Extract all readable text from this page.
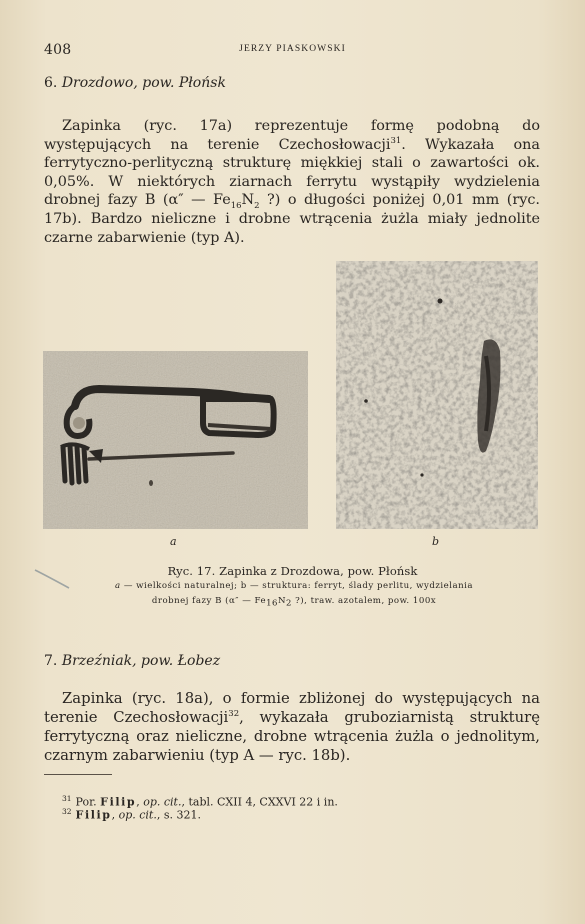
408	JERZY PIASKOWSKI
6. Drozdowo, pow. Płońsk

Zapinka (ryc. 17a) reprezentuje formę podobną do występujących na terenie Czechosłowacji$^{31}$. Wykazała ona ferrytyczno-perlityczną strukturę miękkiej stali o zawartości ok. 0,05%. W niektórych ziarnach ferrytu wystąpiły wydzielenia drobnej fazy B (α″ — $Fe_{16}N_2$ ?) o długości poniżej 0,01 mm (ryc. 17b). Bardzo nieliczne i drobne wtrącenia żużla miały jednolite czarne zabarwienie (typ A).

a	b
Ryc. 17. Zapinka z Drozdowa, pow. Płońsk
a — wielkości naturalnej; b — struktura: ferryt, ślady perlitu, wydzielania
drobnej fazy B (α″ — $Fe_{16}N_2$ ?), traw. azotalem, pow. 100x
7. Brzeźniak, pow. Łobez

Zapinka (ryc. 18a), o formie zbliżonej do występujących na terenie Czechosłowacji$^{32}$, wykazała gruboziarnistą strukturę ferrytyczną oraz nieliczne, drobne wtrącenia żużla o jednolitym, czarnym zabarwieniu (typ A — ryc. 18b).

$^{31}$ Por. Filip, op. cit., tabl. CXII 4, CXXVI 22 i in.
$^{32}$ Filip, op. cit., s. 321.
